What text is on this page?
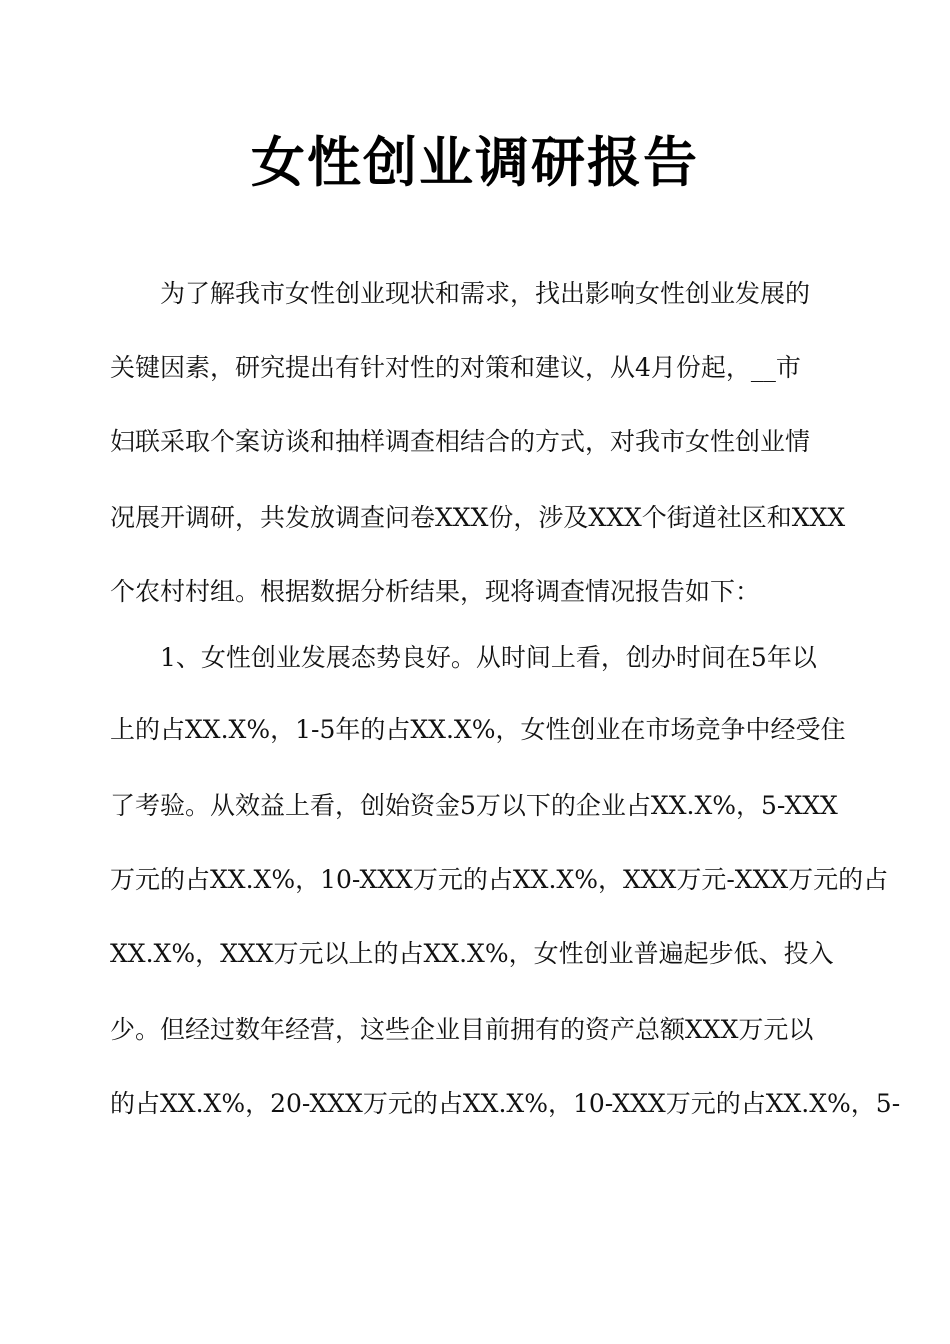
女性创业调研报告
为了解我市女性创业现状和需求，找出影响女性创业发展的
关键因素，研究提出有针对性的对策和建议，从4月份起，__市
妇联采取个案访谈和抽样调查相结合的方式，对我市女性创业情
况展开调研，共发放调查问卷XXX份，涉及XXX个街道社区和XXX
个农村村组。根据数据分析结果，现将调查情况报告如下：
1、女性创业发展态势良好。从时间上看，创办时间在5年以
上的占XX.X%，1-5年的占XX.X%，女性创业在市场竞争中经受住
了考验。从效益上看，创始资金5万以下的企业占XX.X%，5-XXX
万元的占XX.X%，10-XXX万元的占XX.X%，XXX万元-XXX万元的占
XX.X%，XXX万元以上的占XX.X%，女性创业普遍起步低、投入
少。但经过数年经营，这些企业目前拥有的资产总额XXX万元以
的占XX.X%，20-XXX万元的占XX.X%，10-XXX万元的占XX.X%，5-
